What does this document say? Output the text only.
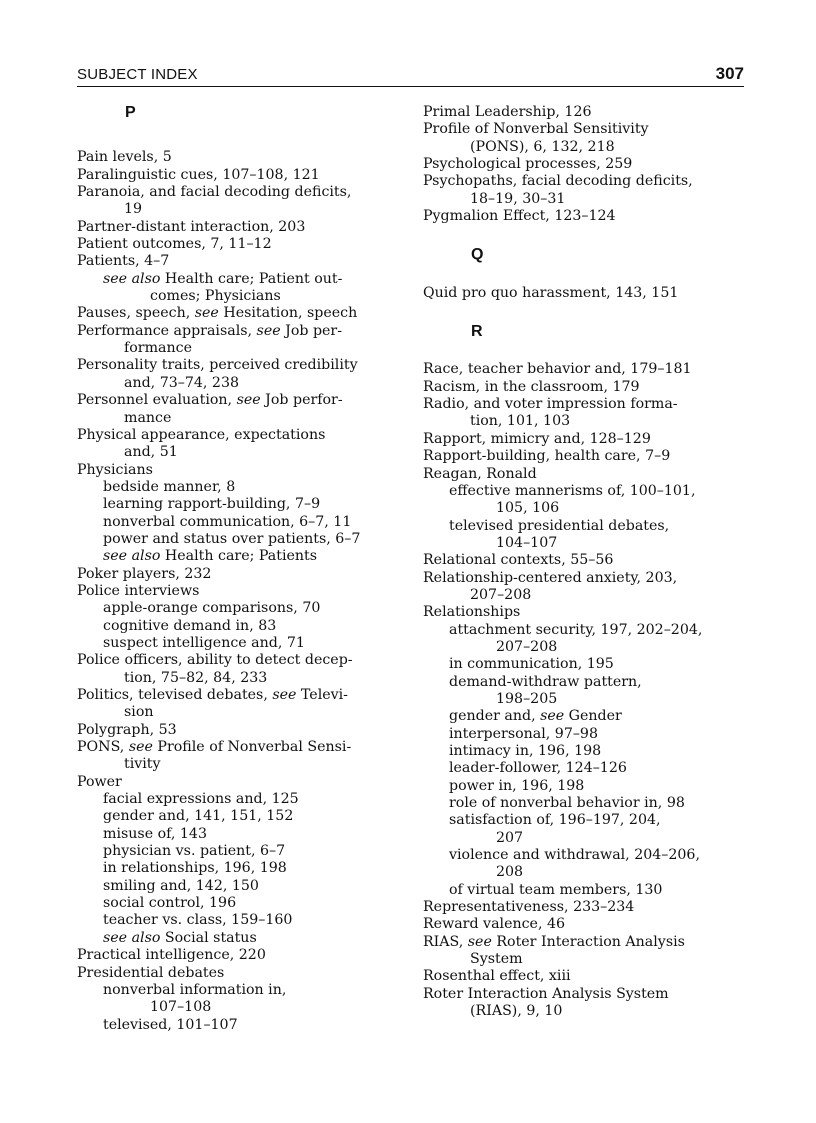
SUBJECT INDEX	307
P
Pain levels, 5
Paralinguistic cues, 107–108, 121
Paranoia, and facial decoding deficits,
19
Partner-distant interaction, 203
Patient outcomes, 7, 11–12
Patients, 4–7
see also Health care; Patient out-
comes; Physicians
Pauses, speech, see Hesitation, speech
Performance appraisals, see Job per-
formance
Personality traits, perceived credibility
and, 73–74, 238
Personnel evaluation, see Job perfor-
mance
Physical appearance, expectations
and, 51
Physicians
bedside manner, 8
learning rapport-building, 7–9
nonverbal communication, 6–7, 11
power and status over patients, 6–7
see also Health care; Patients
Poker players, 232
Police interviews
apple-orange comparisons, 70
cognitive demand in, 83
suspect intelligence and, 71
Police officers, ability to detect decep-
tion, 75–82, 84, 233
Politics, televised debates, see Televi-
sion
Polygraph, 53
PONS, see Profile of Nonverbal Sensi-
tivity
Power
facial expressions and, 125
gender and, 141, 151, 152
misuse of, 143
physician vs. patient, 6–7
in relationships, 196, 198
smiling and, 142, 150
social control, 196
teacher vs. class, 159–160
see also Social status
Practical intelligence, 220
Presidential debates
nonverbal information in,
107–108
televised, 101–107
Primal Leadership, 126
Profile of Nonverbal Sensitivity
(PONS), 6, 132, 218
Psychological processes, 259
Psychopaths, facial decoding deficits,
18–19, 30–31
Pygmalion Effect, 123–124
Q
Quid pro quo harassment, 143, 151
R
Race, teacher behavior and, 179–181
Racism, in the classroom, 179
Radio, and voter impression forma-
tion, 101, 103
Rapport, mimicry and, 128–129
Rapport-building, health care, 7–9
Reagan, Ronald
effective mannerisms of, 100–101,
105, 106
televised presidential debates,
104–107
Relational contexts, 55–56
Relationship-centered anxiety, 203,
207–208
Relationships
attachment security, 197, 202–204,
207–208
in communication, 195
demand-withdraw pattern,
198–205
gender and, see Gender
interpersonal, 97–98
intimacy in, 196, 198
leader-follower, 124–126
power in, 196, 198
role of nonverbal behavior in, 98
satisfaction of, 196–197, 204,
207
violence and withdrawal, 204–206,
208
of virtual team members, 130
Representativeness, 233–234
Reward valence, 46
RIAS, see Roter Interaction Analysis
System
Rosenthal effect, xiii
Roter Interaction Analysis System
(RIAS), 9, 10
